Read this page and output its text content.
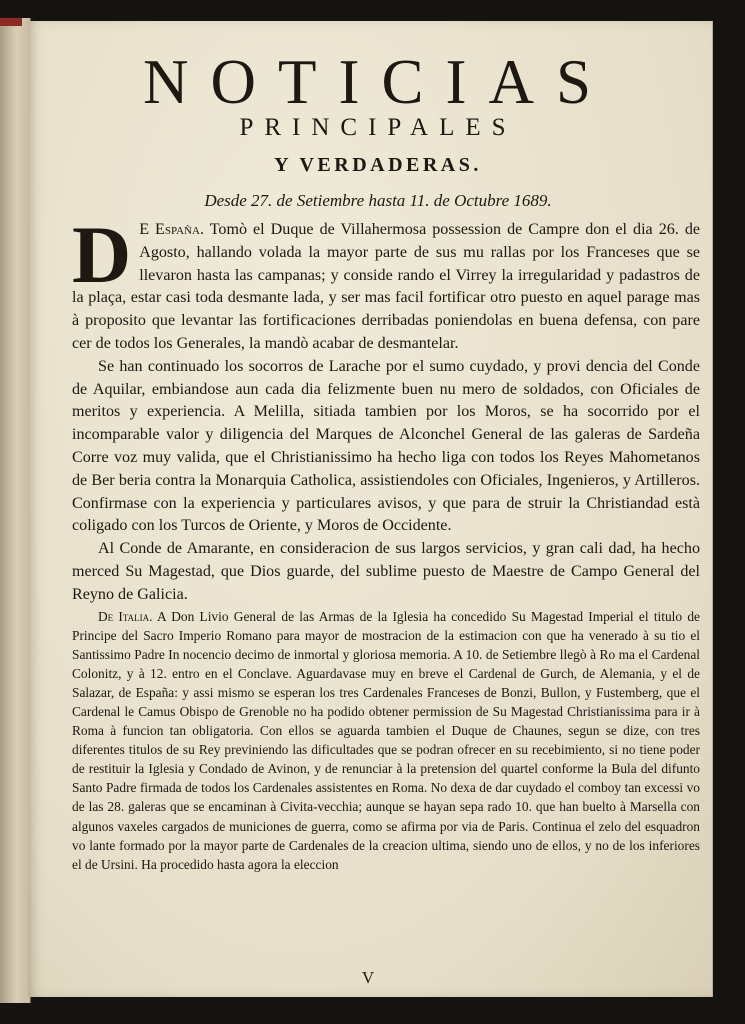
NOTICIAS
PRINCIPALES
Y VERDADERAS.

Desde 27. de Setiembre hasta 11. de Octubre 1689.

D E España. Tomò el Duque de Villahermosa possession de Campre don el dia 26. de Agosto, hallando volada la mayor parte de sus mu rallas por los Franceses que se llevaron hasta las campanas; y conside rando el Virrey la irregularidad y padastros de la plaça, estar casi toda desmante lada, y ser mas facil fortificar otro puesto en aquel parage mas à proposito que levantar las fortificaciones derribadas poniendolas en buena defensa, con pare cer de todos los Generales, la mandò acabar de desmantelar.

Se han continuado los socorros de Larache por el sumo cuydado, y provi dencia del Conde de Aquilar, embiandose aun cada dia felizmente buen nu mero de soldados, con Oficiales de meritos y experiencia. A Melilla, sitiada tambien por los Moros, se ha socorrido por el incomparable valor y diligencia del Marques de Alconchel General de las galeras de Sardeña Corre voz muy valida, que el Christianissimo ha hecho liga con todos los Reyes Mahometanos de Ber beria contra la Monarquia Catholica, assistiendoles con Oficiales, Ingenieros, y Artilleros. Confirmase con la experiencia y particulares avisos, y que para de struir la Christiandad està coligado con los Turcos de Oriente, y Moros de Occidente.

Al Conde de Amarante, en consideracion de sus largos servicios, y gran cali dad, ha hecho merced Su Magestad, que Dios guarde, del sublime puesto de Maestre de Campo General del Reyno de Galicia.

De Italia. A Don Livio General de las Armas de la Iglesia ha concedido Su Magestad Imperial el titulo de Principe del Sacro Imperio Romano para mayor de mostracion de la estimacion con que ha venerado à su tio el Santissimo Padre In nocencio decimo de inmortal y gloriosa memoria. A 10. de Setiembre llegò à Ro ma el Cardenal Colonitz, y à 12. entro en el Conclave. Aguardavase muy en breve el Cardenal de Gurch, de Alemania, y el de Salazar, de España: y assi mismo se esperan los tres Cardenales Franceses de Bonzi, Bullon, y Fustemberg, que el Cardenal le Camus Obispo de Grenoble no ha podido obtener permission de Su Magestad Christianissima para ir à Roma à funcion tan obligatoria. Con ellos se aguarda tambien el Duque de Chaunes, segun se dize, con tres diferentes titulos de su Rey previniendo las dificultades que se podran ofrecer en su recebimiento, si no tiene poder de restituir la Iglesia y Condado de Avinon, y de renunciar à la pretension del quartel conforme la Bula del difunto Santo Padre firmada de todos los Cardenales assistentes en Roma. No dexa de dar cuydado el comboy tan excessi vo de las 28. galeras que se encaminan à Civita-vecchia; aunque se hayan sepa rado 10. que han buelto à Marsella con algunos vaxeles cargados de municiones de guerra, como se afirma por via de Paris. Continua el zelo del esquadron vo lante formado por la mayor parte de Cardenales de la creacion ultima, siendo uno de ellos, y no de los inferiores el de Ursini. Ha procedido hasta agora la eleccion

V
